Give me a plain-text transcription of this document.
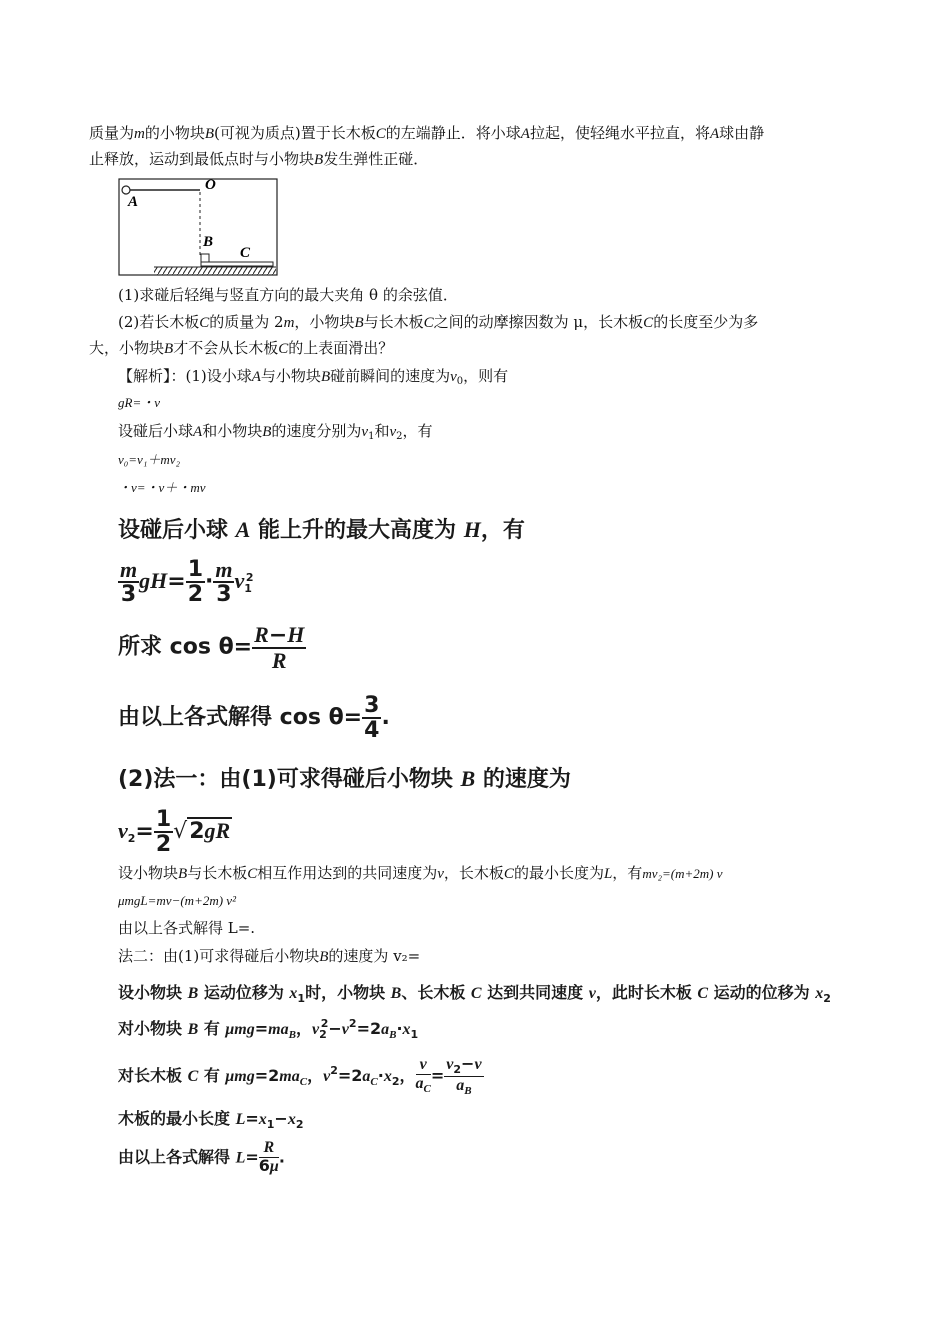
质量为m的小物块B(可视为质点)置于长木板C的左端静止．将小球A拉起，使轻绳水平拉直，将A球由静
止释放，运动到最低点时与小物块B发生弹性正碰．
O
A
B
C
(1)求碰后轻绳与竖直方向的最大夹角 θ 的余弦值．
(2)若长木板C的质量为 2m，小物块B与长木板C之间的动摩擦因数为 μ，长木板C的长度至少为多
大，小物块B才不会从长木板C的上表面滑出？
【解析】：(1)设小球A与小物块B碰前瞬间的速度为$v_0$，则有
gR=・v
设碰后小球A和小物块B的速度分别为$v_1$和$v_2$，有
v₀=v₁＋mv₂
・v=・v＋・mv
设碰后小球 A 能上升的最大高度为 H，有
$\frac{m}{3} gH= \frac{1}{2} \cdot \frac{m}{3} v1^2$
所求 $\cos \theta= \frac{R-H}{R}$
由以上各式解得 $\cos \theta= \frac{3}{4}$ .
(2)法一：由(1)可求得碰后小物块 B 的速度为
$v2= \frac{1}{2} √2gR$
设小物块B与长木板C相互作用达到的共同速度为v，长木板C的最小长度为L，有mv₂=(m+2m) v
μmgL=mv−(m+2m) v²
由以上各式解得 L=.
法二：由(1)可求得碰后小物块B的速度为 v₂=
设小物块 B 运动位移为 $x_1$时，小物块 B、长木板 C 达到共同速度 v，此时长木板 C 运动的位移为 $x_2$
对小物块 B 有 $\mu mg=ma_B$，$v_2^2-v^2=2a_B\cdot x_1$
对长木板 C 有 $\mu mg=2ma_C$，$v^2=2a_C\cdot x_2$， $\frac{v}{a_C} = \frac{v_2-v}{a_B}$
木板的最小长度 $L=x_1-x_2$
由以上各式解得 $L= \frac{R}{6\mu}$ .
